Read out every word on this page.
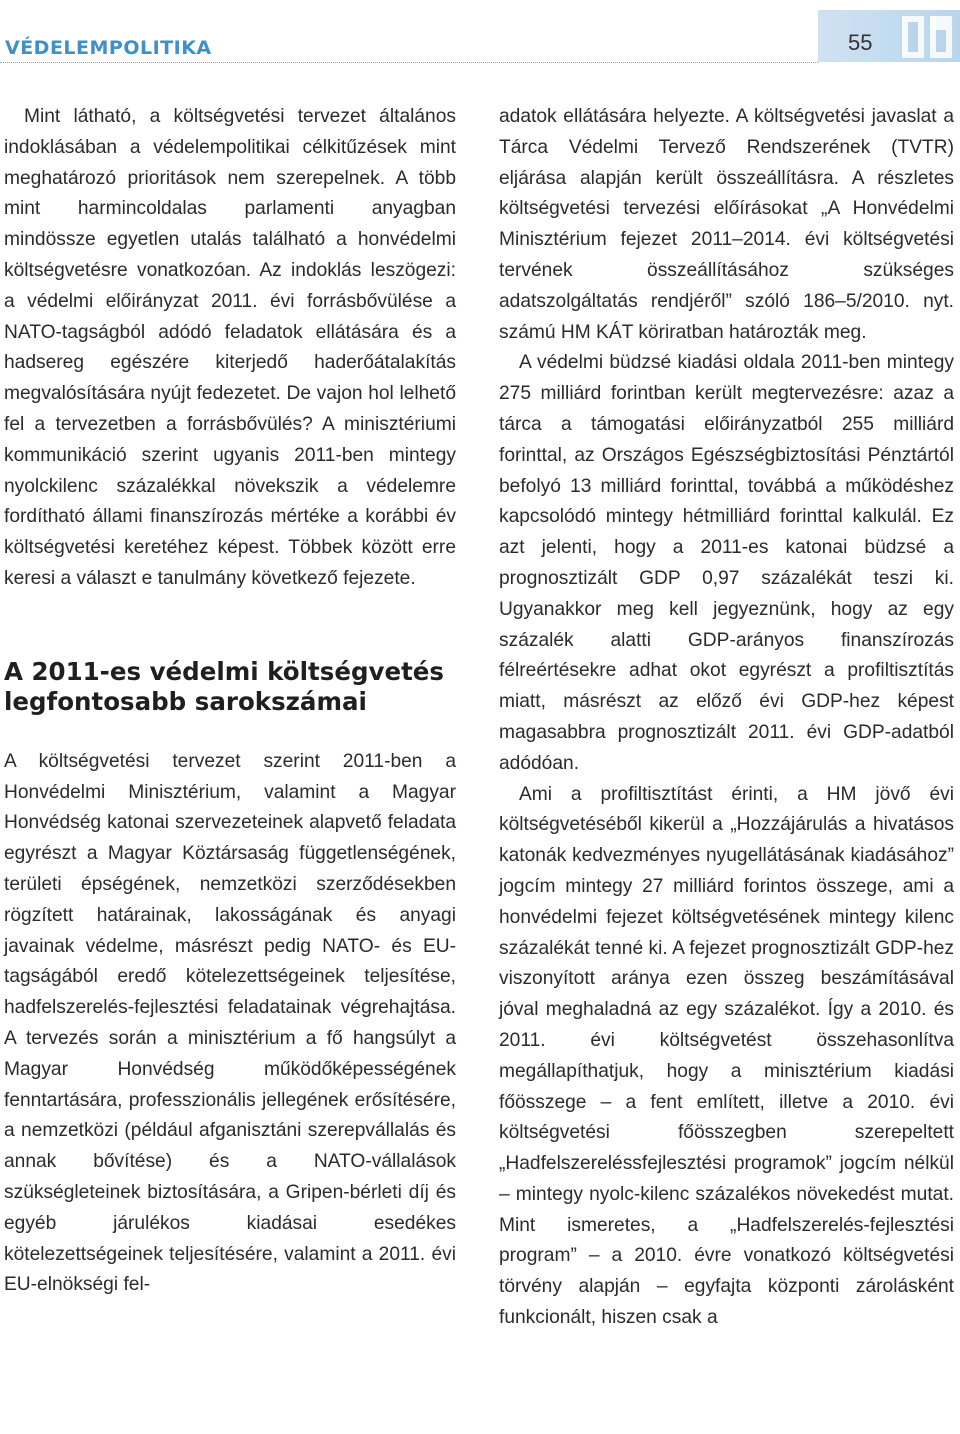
VÉDELEMPOLITIKA	55

Mint látható, a költségvetési tervezet általános indoklásában a védelempolitikai célkitűzések mint meghatározó prioritások nem szerepelnek. A több mint harmincoldalas parlamenti anyagban mindössze egyetlen utalás található a honvédelmi költségvetésre vonatkozóan. Az indoklás leszögezi: a védelmi előirányzat 2011. évi forrásbővülése a NATO-tagságból adódó feladatok ellátására és a hadsereg egészére kiterjedő haderőátalakítás megvalósítására nyújt fedezetet. De vajon hol lelhető fel a tervezetben a forrásbővülés? A minisztériumi kommunikáció szerint ugyanis 2011-ben mintegy nyolckilenc százalékkal növekszik a védelemre fordítható állami finanszírozás mértéke a korábbi év költségvetési keretéhez képest. Többek között erre keresi a választ e tanulmány következő fejezete.

A 2011-es védelmi költségvetés legfontosabb sarokszámai

A költségvetési tervezet szerint 2011-ben a Honvédelmi Minisztérium, valamint a Magyar Honvédség katonai szervezeteinek alapvető feladata egyrészt a Magyar Köztársaság függetlenségének, területi épségének, nemzetközi szerződésekben rögzített határainak, lakosságának és anyagi javainak védelme, másrészt pedig NATO- és EU-tagságából eredő kötelezettségeinek teljesítése, hadfelszerelés-fejlesztési feladatainak végrehajtása. A tervezés során a minisztérium a fő hangsúlyt a Magyar Honvédség működőképességének fenntartására, professzionális jellegének erősítésére, a nemzetközi (például afganisztáni szerepvállalás és annak bővítése) és a NATO-vállalások szükségleteinek biztosítására, a Gripen-bérleti díj és egyéb járulékos kiadásai esedékes kötelezettségeinek teljesítésére, valamint a 2011. évi EU-elnökségi fel-

adatok ellátására helyezte. A költségvetési javaslat a Tárca Védelmi Tervező Rendszerének (TVTR) eljárása alapján került összeállításra. A részletes költségvetési tervezési előírásokat „A Honvédelmi Minisztérium fejezet 2011–2014. évi költségvetési tervének összeállításához szükséges adatszolgáltatás rendjéről” szóló 186–5/2010. nyt. számú HM KÁT köriratban határozták meg.

A védelmi büdzsé kiadási oldala 2011-ben mintegy 275 milliárd forintban került megtervezésre: azaz a tárca a támogatási előirányzatból 255 milliárd forinttal, az Országos Egészségbiztosítási Pénztártól befolyó 13 milliárd forinttal, továbbá a működéshez kapcsolódó mintegy hétmilliárd forinttal kalkulál. Ez azt jelenti, hogy a 2011-es katonai büdzsé a prognosztizált GDP 0,97 százalékát teszi ki. Ugyanakkor meg kell jegyeznünk, hogy az egy százalék alatti GDP-arányos finanszírozás félreértésekre adhat okot egyrészt a profiltisztítás miatt, másrészt az előző évi GDP-hez képest magasabbra prognosztizált 2011. évi GDP-adatból adódóan.

Ami a profiltisztítást érinti, a HM jövő évi költségvetéséből kikerül a „Hozzájárulás a hivatásos katonák kedvezményes nyugellátásának kiadásához” jogcím mintegy 27 milliárd forintos összege, ami a honvédelmi fejezet költségvetésének mintegy kilenc százalékát tenné ki. A fejezet prognosztizált GDP-hez viszonyított aránya ezen összeg beszámításával jóval meghaladná az egy százalékot. Így a 2010. és 2011. évi költségvetést összehasonlítva megállapíthatjuk, hogy a minisztérium kiadási főösszege – a fent említett, illetve a 2010. évi költségvetési főösszegben szerepeltett „Hadfelszereléssfejlesztési programok” jogcím nélkül – mintegy nyolc-kilenc százalékos növekedést mutat. Mint ismeretes, a „Hadfelszerelés-fejlesztési program” – a 2010. évre vonatkozó költségvetési törvény alapján – egyfajta központi zárolásként funkcionált, hiszen csak a
